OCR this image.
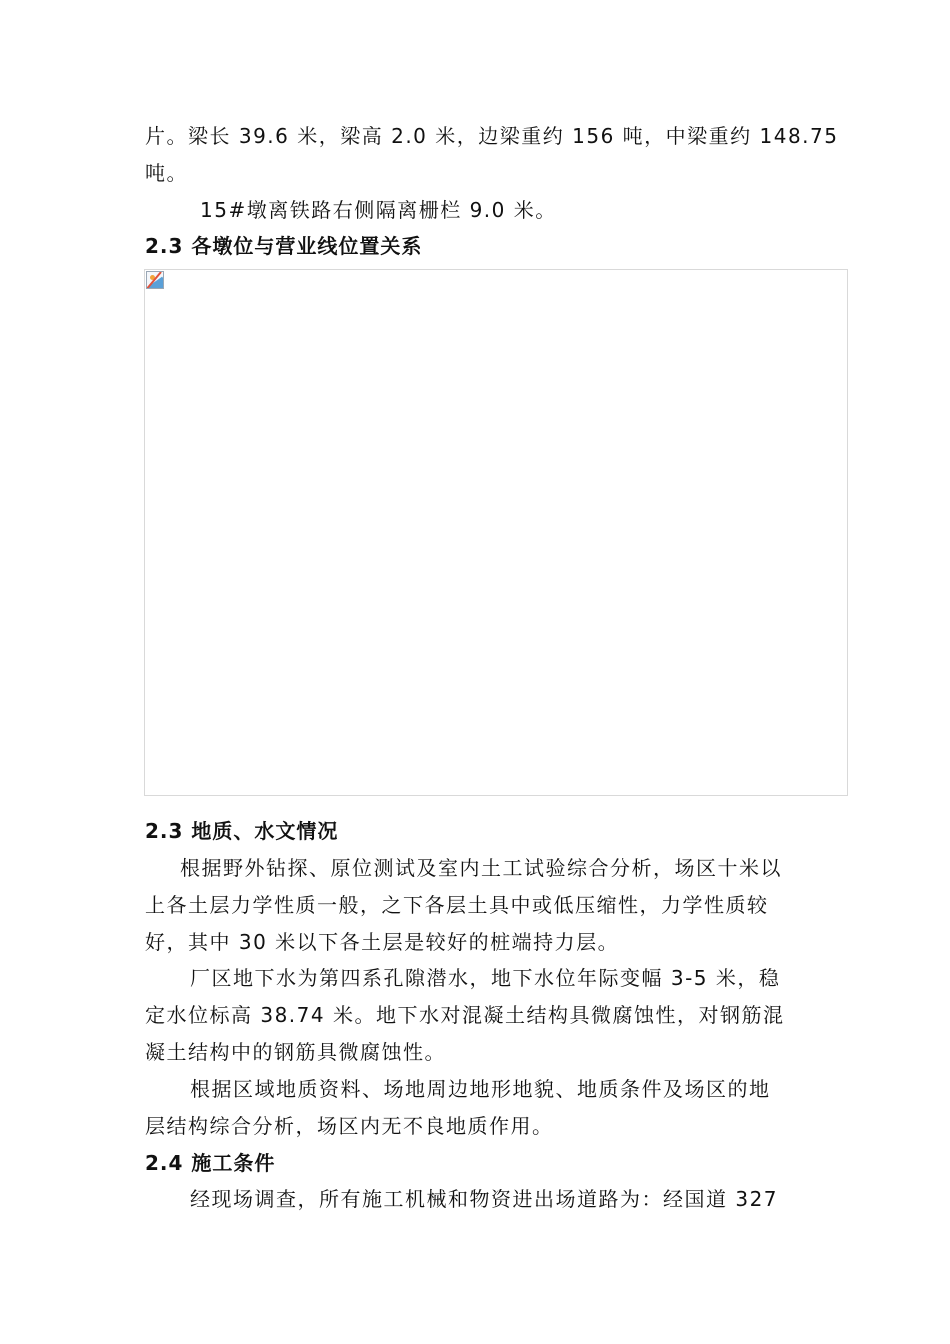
片。梁长 39.6 米，梁高 2.0 米，边梁重约 156 吨，中梁重约 148.75
吨。
15#墩离铁路右侧隔离栅栏 9.0 米。
2.3 各墩位与营业线位置关系
2.3 地质、水文情况
根据野外钻探、原位测试及室内土工试验综合分析，场区十米以
上各土层力学性质一般，之下各层土具中或低压缩性，力学性质较
好，其中 30 米以下各土层是较好的桩端持力层。
厂区地下水为第四系孔隙潜水，地下水位年际变幅 3-5 米，稳
定水位标高 38.74 米。地下水对混凝土结构具微腐蚀性，对钢筋混
凝土结构中的钢筋具微腐蚀性。
根据区域地质资料、场地周边地形地貌、地质条件及场区的地
层结构综合分析，场区内无不良地质作用。
2.4 施工条件
经现场调查，所有施工机械和物资进出场道路为：经国道 327
